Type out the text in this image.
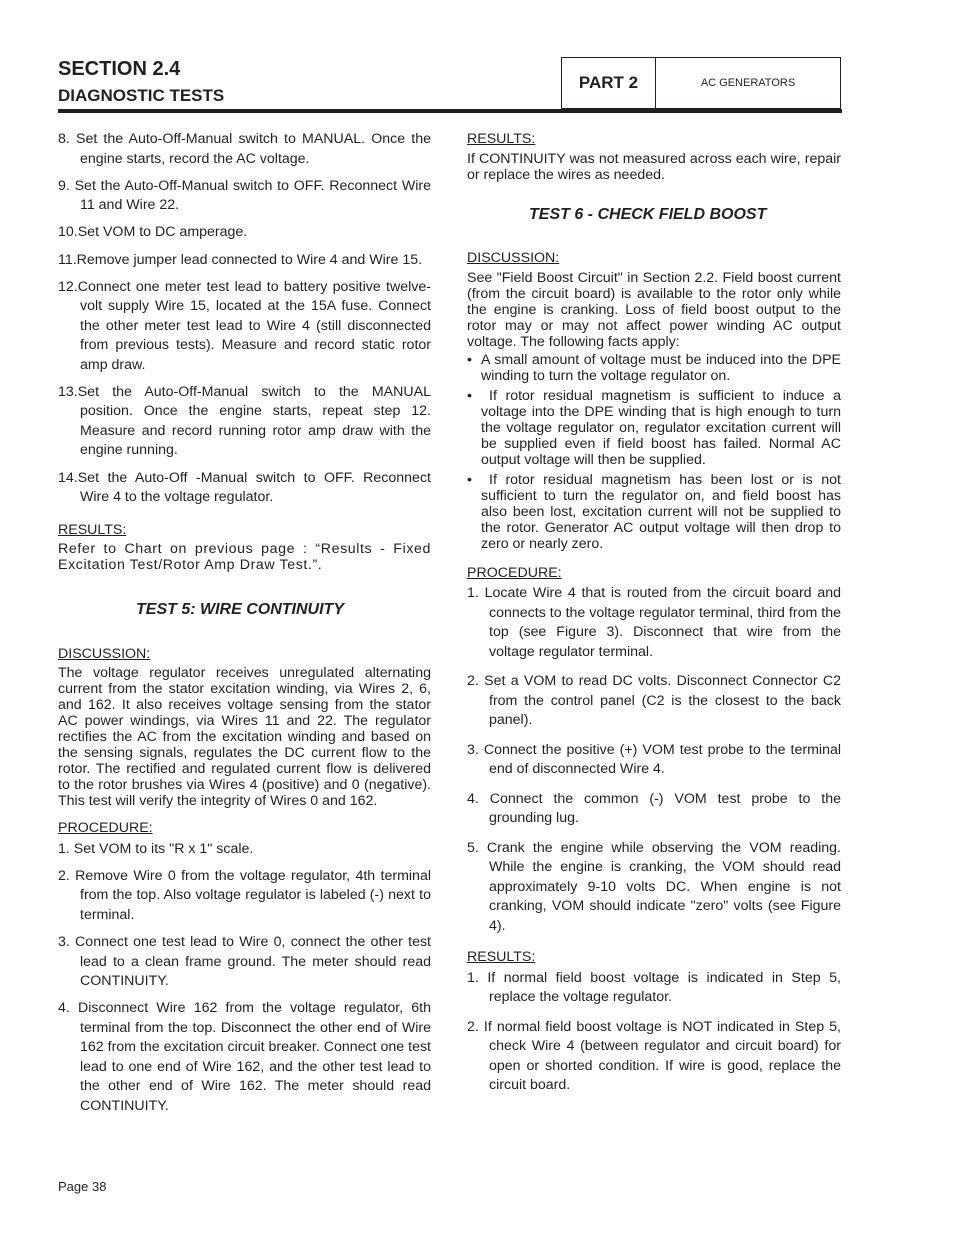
SECTION 2.4
DIAGNOSTIC TESTS
PART 2	AC GENERATORS
8. Set the Auto-Off-Manual switch to MANUAL. Once the engine starts, record the AC voltage.
9. Set the Auto-Off-Manual switch to OFF. Reconnect Wire 11 and Wire 22.
10.Set VOM to DC amperage.
11.Remove jumper lead connected to Wire 4 and Wire 15.
12.Connect one meter test lead to battery positive twelve-volt supply Wire 15, located at the 15A fuse. Connect the other meter test lead to Wire 4 (still disconnected from previous tests). Measure and record static rotor amp draw.
13.Set the Auto-Off-Manual switch to the MANUAL position. Once the engine starts, repeat step 12. Measure and record running rotor amp draw with the engine running.
14.Set the Auto-Off -Manual switch to OFF. Reconnect Wire 4 to the voltage regulator.
RESULTS:
Refer to Chart on previous page : “Results - Fixed Excitation Test/Rotor Amp Draw Test.”.
TEST 5: WIRE CONTINUITY
DISCUSSION:
The voltage regulator receives unregulated alternating current from the stator excitation winding, via Wires 2, 6, and 162. It also receives voltage sensing from the stator AC power windings, via Wires 11 and 22. The regulator rectifies the AC from the excitation winding and based on the sensing signals, regulates the DC current flow to the rotor. The rectified and regulated current flow is delivered to the rotor brushes via Wires 4 (positive) and 0 (negative). This test will verify the integrity of Wires 0 and 162.
PROCEDURE:
1. Set VOM to its "R x 1" scale.
2. Remove Wire 0 from the voltage regulator, 4th terminal from the top. Also voltage regulator is labeled (-) next to terminal.
3. Connect one test lead to Wire 0, connect the other test lead to a clean frame ground. The meter should read CONTINUITY.
4. Disconnect Wire 162 from the voltage regulator, 6th terminal from the top. Disconnect the other end of Wire 162 from the excitation circuit breaker. Connect one test lead to one end of Wire 162, and the other test lead to the other end of Wire 162. The meter should read CONTINUITY.
RESULTS:
If CONTINUITY was not measured across each wire, repair or replace the wires as needed.
TEST 6 - CHECK FIELD BOOST
DISCUSSION:
See "Field Boost Circuit" in Section 2.2. Field boost current (from the circuit board) is available to the rotor only while the engine is cranking. Loss of field boost output to the rotor may or may not affect power winding AC output voltage. The following facts apply:
•  A small amount of voltage must be induced into the DPE winding to turn the voltage regulator on.
•  If rotor residual magnetism is sufficient to induce a voltage into the DPE winding that is high enough to turn the voltage regulator on, regulator excitation current will be supplied even if field boost has failed. Normal AC output voltage will then be supplied.
•  If rotor residual magnetism has been lost or is not sufficient to turn the regulator on, and field boost has also been lost, excitation current will not be supplied to the rotor. Generator AC output voltage will then drop to zero or nearly zero.
PROCEDURE:
1. Locate Wire 4 that is routed from the circuit board and connects to the voltage regulator terminal, third from the top (see Figure 3). Disconnect that wire from the voltage regulator terminal.
2. Set a VOM to read DC volts. Disconnect Connector C2 from the control panel (C2 is the closest to the back panel).
3. Connect the positive (+) VOM test probe to the terminal end of disconnected Wire 4.
4. Connect the common (-) VOM test probe to the grounding lug.
5. Crank the engine while observing the VOM reading. While the engine is cranking, the VOM should read approximately 9-10 volts DC. When engine is not cranking, VOM should indicate "zero" volts (see Figure 4).
RESULTS:
1. If normal field boost voltage is indicated in Step 5, replace the voltage regulator.
2. If normal field boost voltage is NOT indicated in Step 5, check Wire 4 (between regulator and circuit board) for open or shorted condition. If wire is good, replace the circuit board.
Page 38
